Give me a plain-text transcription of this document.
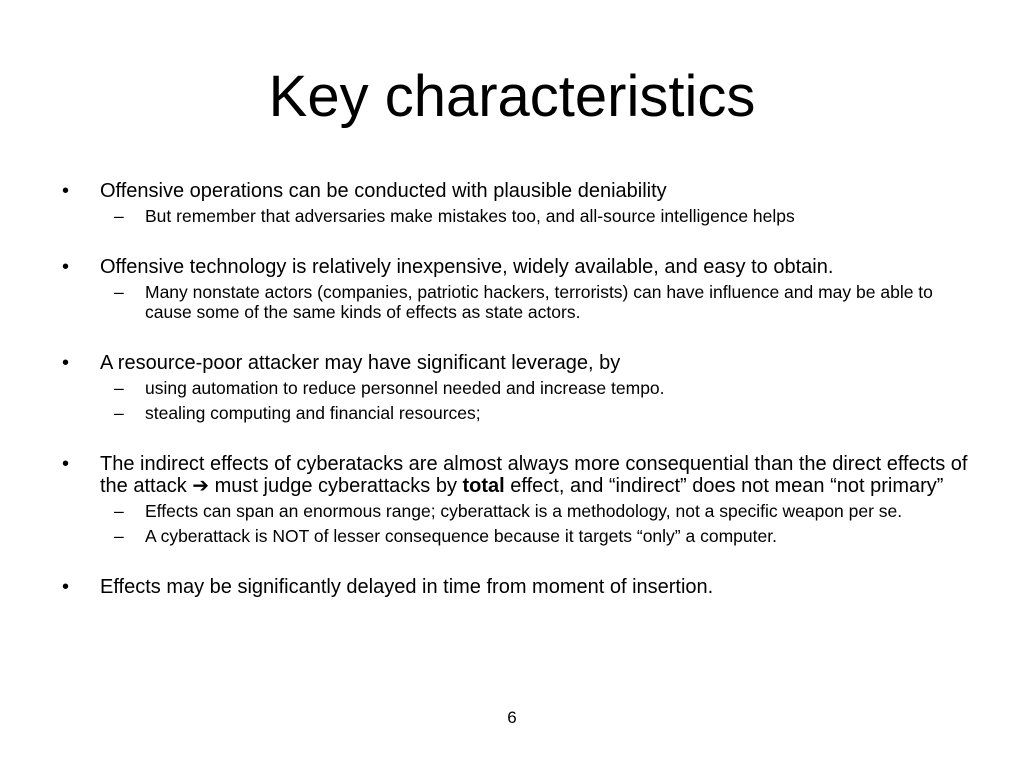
Key characteristics

• Offensive operations can be conducted with plausible deniability

– But remember that adversaries make mistakes too, and all-source intelligence helps

• Offensive technology is relatively inexpensive, widely available, and easy to obtain.

– Many nonstate actors (companies, patriotic hackers, terrorists) can have influence and may be able to cause some of the same kinds of effects as state actors.

• A resource-poor attacker may have significant leverage, by

– using automation to reduce personnel needed and increase tempo.
– stealing computing and financial resources;

• The indirect effects of cyberatacks are almost always more consequential than the direct effects of the attack ➔ must judge cyberattacks by total effect, and “indirect” does not mean “not primary”

– Effects can span an enormous range; cyberattack is a methodology, not a specific weapon per se.
– A cyberattack is NOT of lesser consequence because it targets “only” a computer.

• Effects may be significantly delayed in time from moment of insertion.

6
